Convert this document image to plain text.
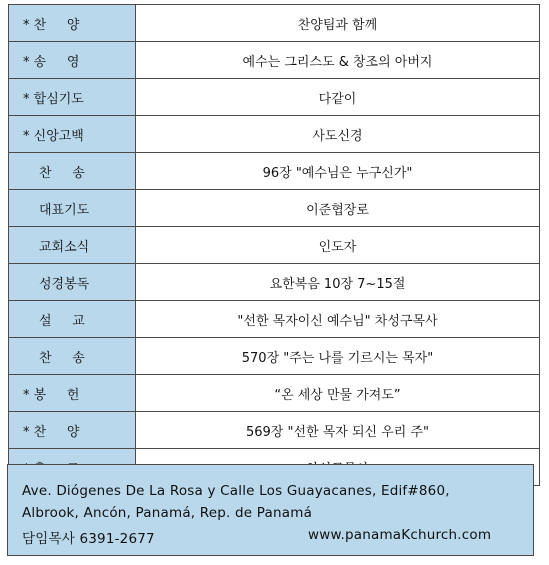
* 찬     양	찬양팀과 함께

* 송     영	예수는 그리스도 & 창조의 아버지

* 합심기도	다같이

* 신앙고백	사도신경

찬     송	96장 "예수님은 누구신가"

대표기도	이준협장로

교회소식	인도자

성경봉독	요한복음 10장 7~15절

설     교	"선한 목자이신 예수님" 차성구목사

찬     송	570장 "주는 나를 기르시는 목자"

* 봉     헌	“온 세상 만물 가져도”

* 찬     양	569장 "선한 목자 되신 우리 주"

Ave. Diógenes De La Rosa y Calle Los Guayacanes, Edif#860,
Albrook, Ancón, Panamá, Rep. de Panamá
담임목사 6391-2677	www.panamaKchurch.com
